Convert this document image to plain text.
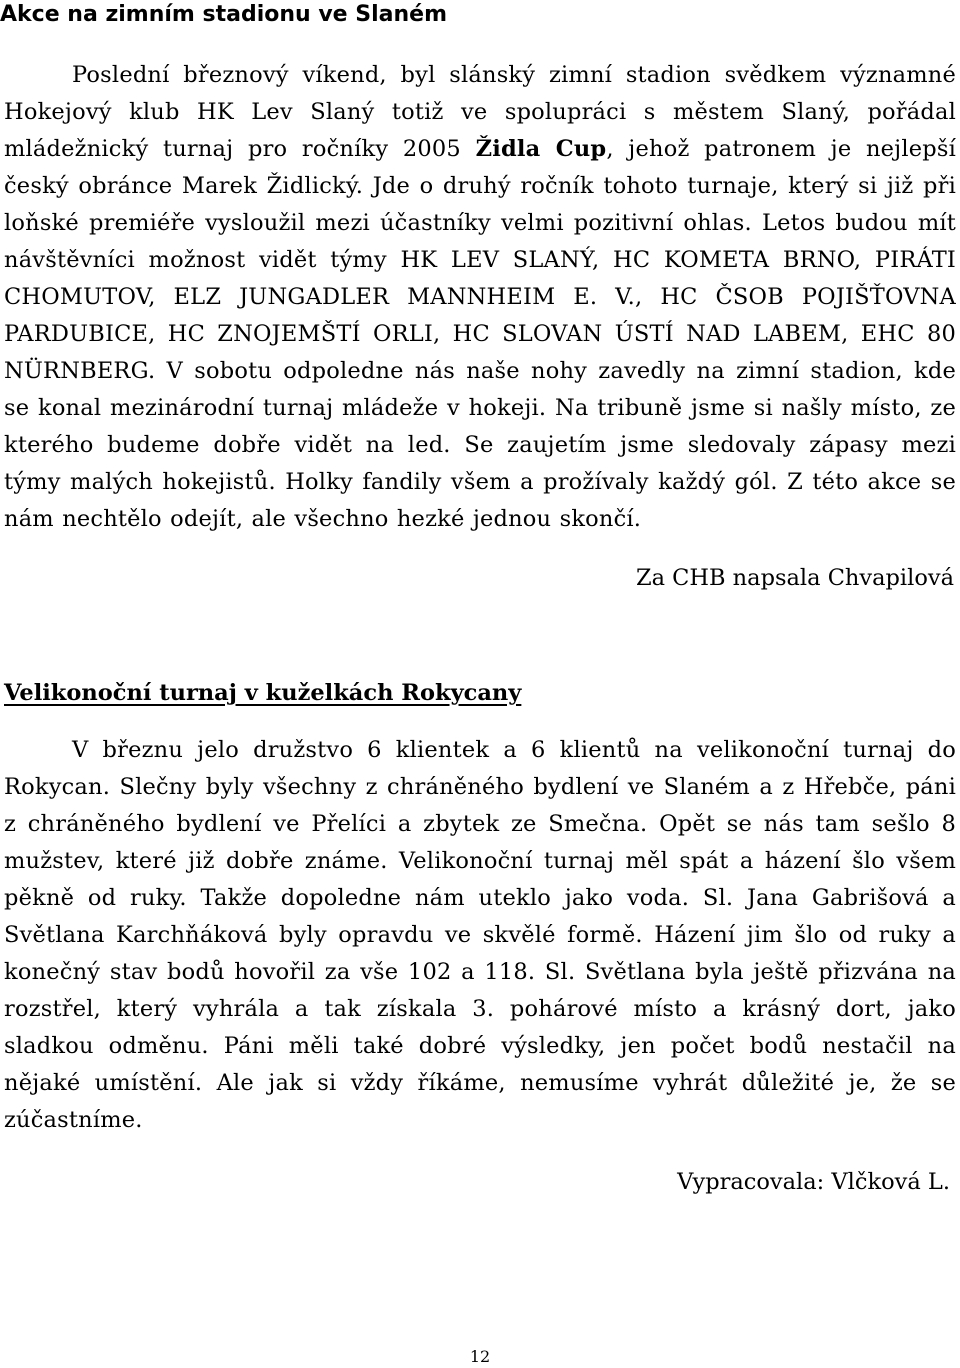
Akce na zimním stadionu ve Slaném

Poslední březnový víkend, byl slánský zimní stadion svědkem významné Hokejový klub HK Lev Slaný totiž ve spolupráci s městem Slaný, pořádal mládežnický turnaj pro ročníky 2005 Židla Cup, jehož patronem je nejlepší český obránce Marek Židlický. Jde o druhý ročník tohoto turnaje, který si již při loňské premiéře vysloužil mezi účastníky velmi pozitivní ohlas. Letos budou mít návštěvníci možnost vidět týmy HK LEV SLANÝ, HC KOMETA BRNO, PIRÁTI CHOMUTOV, ELZ JUNGADLER MANNHEIM E. V., HC ČSOB POJIŠŤOVNA PARDUBICE, HC ZNOJEMŠTÍ ORLI, HC SLOVAN ÚSTÍ NAD LABEM, EHC 80 NÜRNBERG. V sobotu odpoledne nás naše nohy zavedly na zimní stadion, kde se konal mezinárodní turnaj mládeže v hokeji. Na tribuně jsme si našly místo, ze kterého budeme dobře vidět na led. Se zaujetím jsme sledovaly zápasy mezi týmy malých hokejistů. Holky fandily všem a prožívaly každý gól. Z této akce se nám nechtělo odejít, ale všechno hezké jednou skončí.

Za CHB napsala Chvapilová
Velikonoční turnaj v kuželkách Rokycany

V březnu jelo družstvo 6 klientek a 6 klientů na velikonoční turnaj do Rokycan. Slečny byly všechny z chráněného bydlení ve Slaném a z Hřebče, páni z chráněného bydlení ve Přelíci a zbytek ze Smečna. Opět se nás tam sešlo 8 mužstev, které již dobře známe. Velikonoční turnaj měl spát a házení šlo všem pěkně od ruky. Takže dopoledne nám uteklo jako voda. Sl. Jana Gabrišová a Světlana Karchňáková byly opravdu ve skvělé formě. Házení jim šlo od ruky a konečný stav bodů hovořil za vše 102 a 118. Sl. Světlana byla ještě přizvána na rozstřel, který vyhrála a tak získala 3. pohárové místo a krásný dort, jako sladkou odměnu. Páni měli také dobré výsledky, jen počet bodů nestačil na nějaké umístění. Ale jak si vždy říkáme, nemusíme vyhrát důležité je, že se zúčastníme.

Vypracovala: Vlčková L.
12
